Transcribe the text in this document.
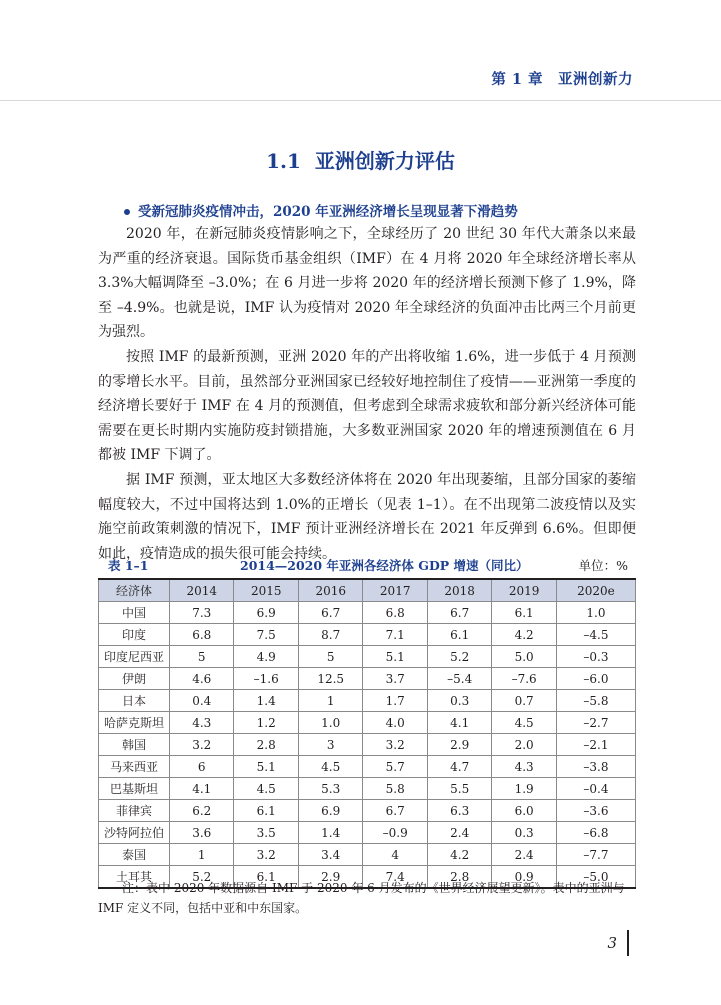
第 1 章　亚洲创新力
1.1 亚洲创新力评估
受新冠肺炎疫情冲击，2020 年亚洲经济增长呈现显著下滑趋势

2020 年，在新冠肺炎疫情影响之下，全球经历了 20 世纪 30 年代大萧条以来最为严重的经济衰退。国际货币基金组织（IMF）在 4 月将 2020 年全球经济增长率从 3.3%大幅调降至 –3.0%；在 6 月进一步将 2020 年的经济增长预测下修了 1.9%，降至 –4.9%。也就是说，IMF 认为疫情对 2020 年全球经济的负面冲击比两三个月前更为强烈。

按照 IMF 的最新预测，亚洲 2020 年的产出将收缩 1.6%，进一步低于 4 月预测的零增长水平。目前，虽然部分亚洲国家已经较好地控制住了疫情——亚洲第一季度的经济增长要好于 IMF 在 4 月的预测值，但考虑到全球需求疲软和部分新兴经济体可能需要在更长时期内实施防疫封锁措施，大多数亚洲国家 2020 年的增速预测值在 6 月都被 IMF 下调了。

据 IMF 预测，亚太地区大多数经济体将在 2020 年出现萎缩，且部分国家的萎缩幅度较大，不过中国将达到 1.0%的正增长（见表 1–1）。在不出现第二波疫情以及实施空前政策刺激的情况下，IMF 预计亚洲经济增长在 2021 年反弹到 6.6%。但即便如此，疫情造成的损失很可能会持续。

表 1–1	2014—2020 年亚洲各经济体 GDP 增速（同比）	单位：%
经济体	2014	2015	2016	2017	2018	2019	2020e
中国	7.3	6.9	6.7	6.8	6.7	6.1	1.0
印度	6.8	7.5	8.7	7.1	6.1	4.2	–4.5
印度尼西亚	5	4.9	5	5.1	5.2	5.0	–0.3
伊朗	4.6	–1.6	12.5	3.7	–5.4	–7.6	–6.0
日本	0.4	1.4	1	1.7	0.3	0.7	–5.8
哈萨克斯坦	4.3	1.2	1.0	4.0	4.1	4.5	–2.7
韩国	3.2	2.8	3	3.2	2.9	2.0	–2.1
马来西亚	6	5.1	4.5	5.7	4.7	4.3	–3.8
巴基斯坦	4.1	4.5	5.3	5.8	5.5	1.9	–0.4
菲律宾	6.2	6.1	6.9	6.7	6.3	6.0	–3.6
沙特阿拉伯	3.6	3.5	1.4	–0.9	2.4	0.3	–6.8
泰国	1	3.2	3.4	4	4.2	2.4	–7.7
土耳其	5.2	6.1	2.9	7.4	2.8	0.9	–5.0
注：表中 2020 年数据源自 IMF 于 2020 年 6 月发布的《世界经济展望更新》。表中的亚洲与 IMF 定义不同，包括中亚和中东国家。
3
